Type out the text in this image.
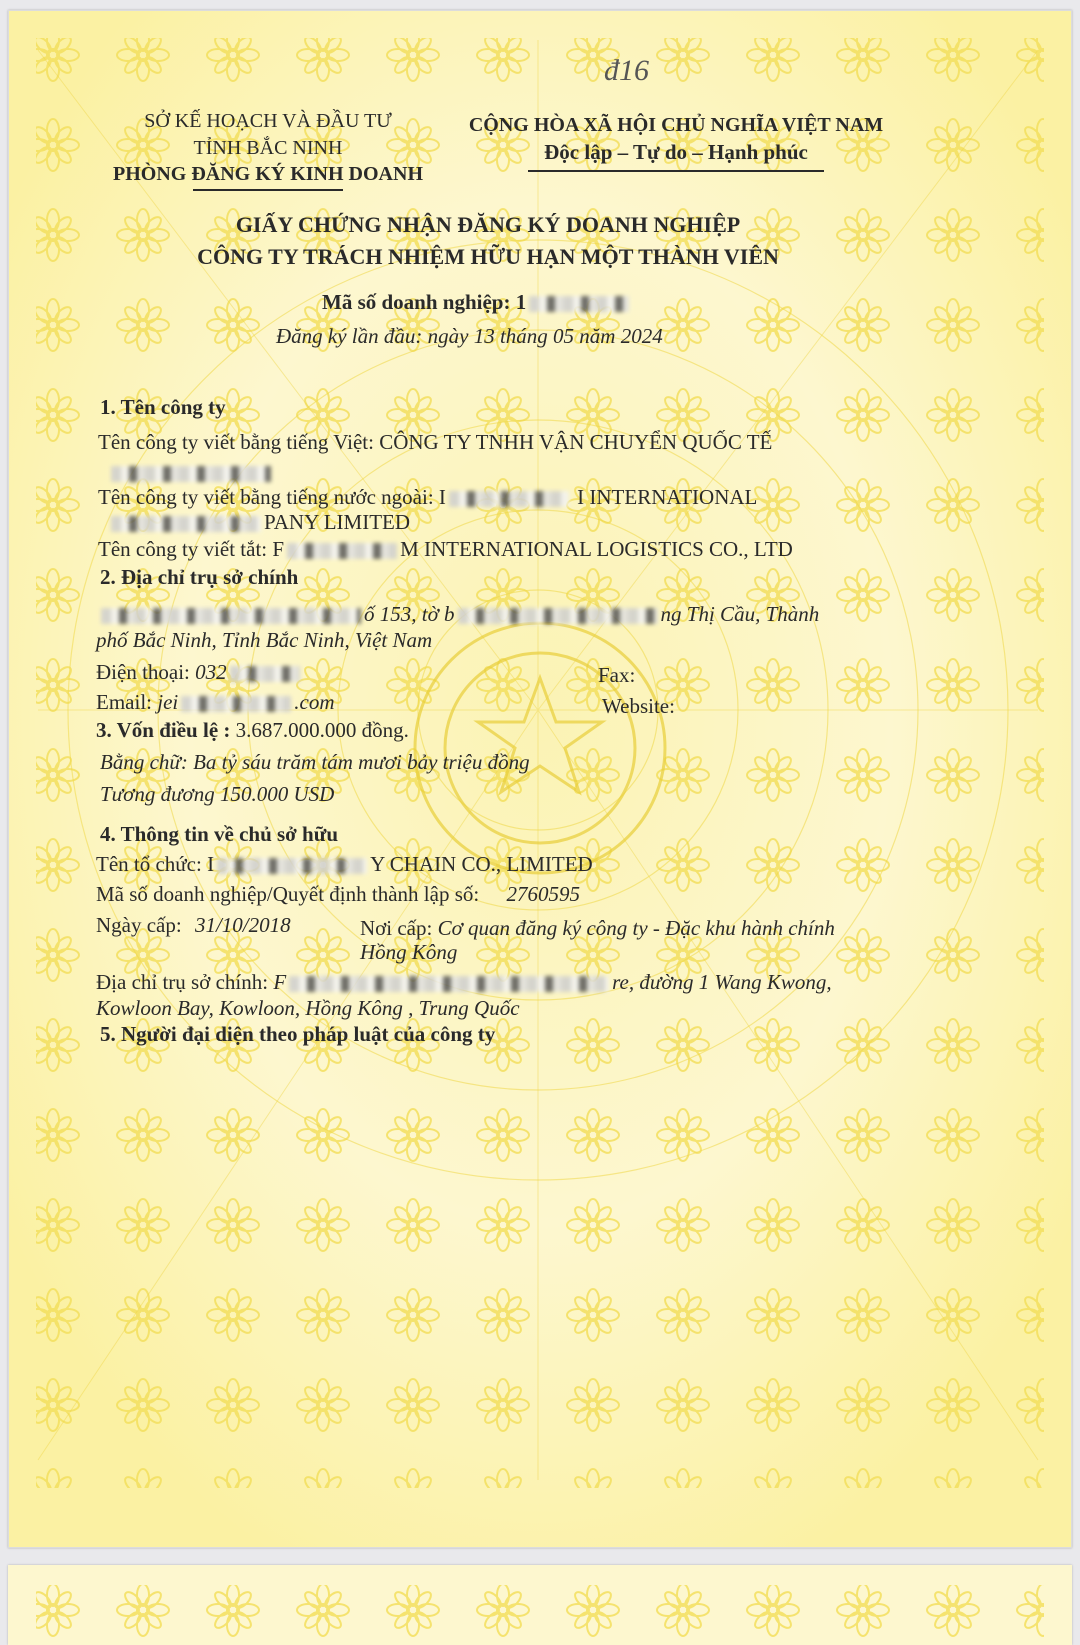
đ16
SỞ KẾ HOẠCH VÀ ĐẦU TƯ
TỈNH BẮC NINH
PHÒNG ĐĂNG KÝ KINH DOANH
CỘNG HÒA XÃ HỘI CHỦ NGHĨA VIỆT NAM
Độc lập – Tự do – Hạnh phúc
GIẤY CHỨNG NHẬN ĐĂNG KÝ DOANH NGHIỆP
CÔNG TY TRÁCH NHIỆM HỮU HẠN MỘT THÀNH VIÊN
Mã số doanh nghiệp: 1
Đăng ký lần đầu: ngày 13 tháng 05 năm 2024
1. Tên công ty
Tên công ty viết bằng tiếng Việt: CÔNG TY TNHH VẬN CHUYỂN QUỐC TẾ
Tên công ty viết bằng tiếng nước ngoài: I	I INTERNATIONAL
PANY LIMITED
Tên công ty viết tắt: F	M INTERNATIONAL LOGISTICS CO., LTD
2. Địa chỉ trụ sở chính
ố 153, tờ b	ng Thị Cầu, Thành
phố Bắc Ninh, Tỉnh Bắc Ninh, Việt Nam
Điện thoại: 032	Fax:
Email: jei	.com	Website:
3. Vốn điều lệ : 3.687.000.000 đồng.
Bằng chữ: Ba tỷ sáu trăm tám mươi bảy triệu đồng
Tương đương 150.000 USD
4. Thông tin về chủ sở hữu
Tên tổ chức: I	Y CHAIN CO., LIMITED
Mã số doanh nghiệp/Quyết định thành lập số: 2760595
Ngày cấp: 31/10/2018	Nơi cấp: Cơ quan đăng ký công ty - Đặc khu hành chính
Hồng Kông
Địa chỉ trụ sở chính: F	re, đường 1 Wang Kwong,
Kowloon Bay, Kowloon, Hồng Kông , Trung Quốc
5. Người đại diện theo pháp luật của công ty
